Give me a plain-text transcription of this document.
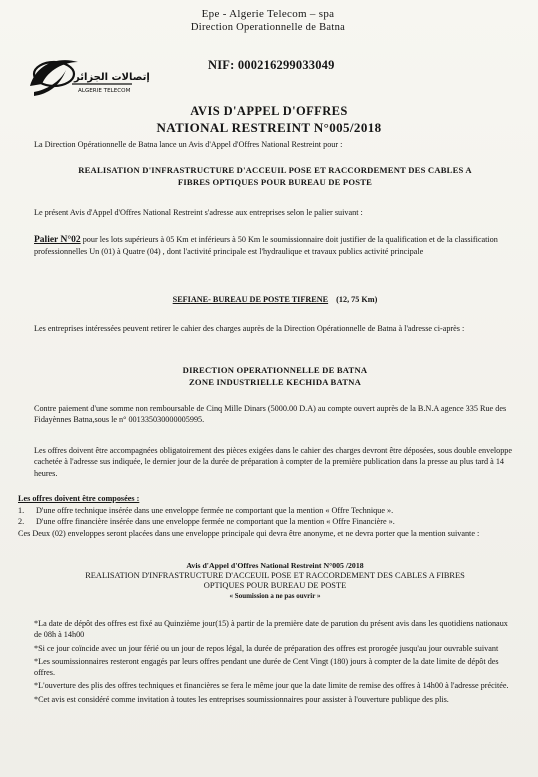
Epe - Algerie Telecom – spa
Direction Operationnelle de Batna
إتصالات الجزائر
ALGERIE TELECOM
NIF: 000216299033049
AVIS D'APPEL D'OFFRES
NATIONAL RESTREINT N°005/2018
La Direction Opérationnelle de Batna lance un Avis d'Appel d'Offres National Restreint pour :
REALISATION D'INFRASTRUCTURE D'ACCEUIL POSE ET RACCORDEMENT DES CABLES A
FIBRES OPTIQUES POUR BUREAU DE POSTE
Le présent Avis d'Appel d'Offres National Restreint s'adresse aux entreprises selon le palier suivant :
Palier N°02 pour les lots supérieurs à 05 Km et inférieurs à 50 Km le soumissionnaire doit justifier de la qualification et de la classification professionnelles Un (01) à Quatre (04) , dont l'activité principale est l'hydraulique et travaux publics activité principale
SEFIANE- BUREAU DE POSTE TIFRENE (12, 75 Km)
Les entreprises intéressées peuvent retirer le cahier des charges auprès de la Direction Opérationnelle de Batna à l'adresse ci-après :
DIRECTION OPERATIONNELLE DE BATNA
ZONE INDUSTRIELLE KECHIDA BATNA
Contre paiement d'une somme non remboursable de Cinq Mille Dinars (5000.00 D.A) au compte ouvert auprès de la B.N.A agence 335 Rue des Fidayènnes Batna,sous le n° 001335030000005995.
Les offres doivent être accompagnées obligatoirement des pièces exigées dans le cahier des charges devront être déposées, sous double enveloppe cachetée à l'adresse sus indiquée, le dernier jour de la durée de préparation à compter de la première publication dans la presse au plus tard à 14 heures.
Les offres doivent être composées :
1. D'une offre technique insérée dans une enveloppe fermée ne comportant que la mention « Offre Technique ».
2. D'une offre financière insérée dans une enveloppe fermée ne comportant que la mention « Offre Financière ».
Ces Deux (02) enveloppes seront placées dans une enveloppe principale qui devra être anonyme, et ne devra porter que la mention suivante :
Avis d'Appel d'Offres National Restreint N°005 /2018
REALISATION D'INFRASTRUCTURE D'ACCEUIL POSE ET RACCORDEMENT DES CABLES A FIBRES
OPTIQUES POUR BUREAU DE POSTE
« Soumission a ne pas ouvrir »
*La date de dépôt des offres est fixé au Quinzième jour(15) à partir de la première date de parution du présent avis dans les quotidiens nationaux de 08h à 14h00
*Si ce jour coïncide avec un jour férié ou un jour de repos légal, la durée de préparation des offres est prorogée jusqu'au jour ouvrable suivant
*Les soumissionnaires resteront engagés par leurs offres pendant une durée de Cent Vingt (180) jours à compter de la date limite de dépôt des offres.
*L'ouverture des plis des offres techniques et financières se fera le même jour que la date limite de remise des offres à 14h00 à l'adresse précitée.
*Cet avis est considéré comme invitation à toutes les entreprises soumissionnaires pour assister à l'ouverture publique des plis.
